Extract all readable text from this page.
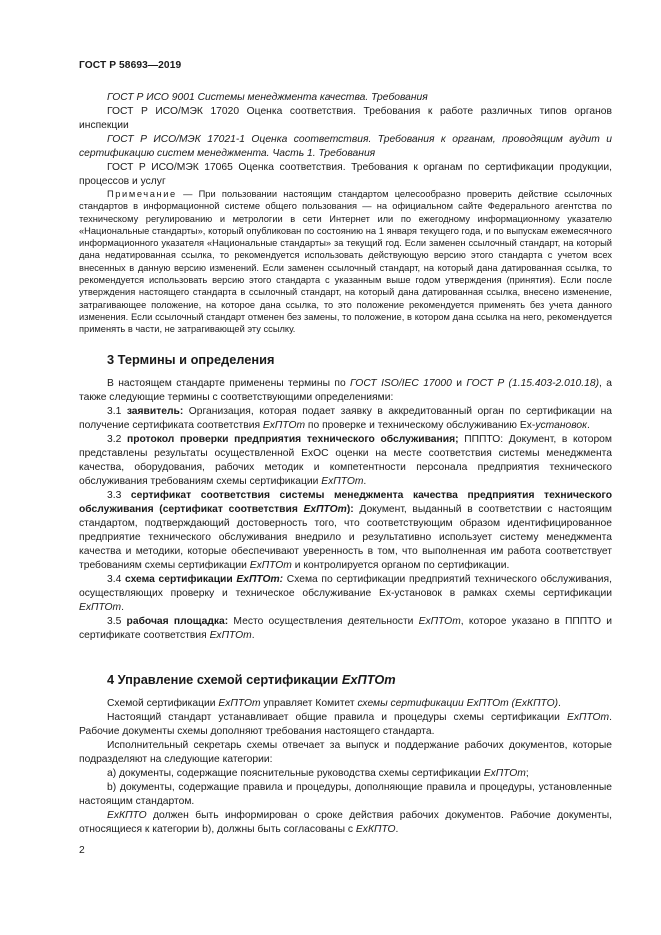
ГОСТ Р 58693—2019

ГОСТ Р ИСО 9001 Системы менеджмента качества. Требования

ГОСТ Р ИСО/МЭК 17020 Оценка соответствия. Требования к работе различных типов органов инспекции

ГОСТ Р ИСО/МЭК 17021-1 Оценка соответствия. Требования к органам, проводящим аудит и сертификацию систем менеджмента. Часть 1. Требования

ГОСТ Р ИСО/МЭК 17065 Оценка соответствия. Требования к органам по сертификации продукции, процессов и услуг

Примечание — При пользовании настоящим стандартом целесообразно проверить действие ссылочных стандартов в информационной системе общего пользования — на официальном сайте Федерального агентства по техническому регулированию и метрологии в сети Интернет или по ежегодному информационному указателю «Национальные стандарты», который опубликован по состоянию на 1 января текущего года, и по выпускам ежемесячного информационного указателя «Национальные стандарты» за текущий год. Если заменен ссылочный стандарт, на который дана недатированная ссылка, то рекомендуется использовать действующую версию этого стандарта с учетом всех внесенных в данную версию изменений. Если заменен ссылочный стандарт, на который дана датированная ссылка, то рекомендуется использовать версию этого стандарта с указанным выше годом утверждения (принятия). Если после утверждения настоящего стандарта в ссылочный стандарт, на который дана датированная ссылка, внесено изменение, затрагивающее положение, на которое дана ссылка, то это положение рекомендуется применять без учета данного изменения. Если ссылочный стандарт отменен без замены, то положение, в котором дана ссылка на него, рекомендуется применять в части, не затрагивающей эту ссылку.

3 Термины и определения

В настоящем стандарте применены термины по ГОСТ ISO/IEC 17000 и ГОСТ Р (1.15.403-2.010.18), а также следующие термины с соответствующими определениями:

3.1 заявитель: Организация, которая подает заявку в аккредитованный орган по сертификации на получение сертификата соответствия ExПТОт по проверке и техническому обслуживанию Ex-установок.

3.2 протокол проверки предприятия технического обслуживания; ПППТО: Документ, в котором представлены результаты осуществленной ExOC оценки на месте соответствия системы менеджмента качества, оборудования, рабочих методик и компетентности персонала предприятия технического обслуживания требованиям схемы сертификации ExПТОт.

3.3 сертификат соответствия системы менеджмента качества предприятия технического обслуживания (сертификат соответствия ExПТОт): Документ, выданный в соответствии с настоящим стандартом, подтверждающий достоверность того, что соответствующим образом идентифицированное предприятие технического обслуживания внедрило и результативно использует систему менеджмента качества и методики, которые обеспечивают уверенность в том, что выполненная им работа соответствует требованиям схемы сертификации ExПТОт и контролируется органом по сертификации.

3.4 схема сертификации ExПТОт: Схема по сертификации предприятий технического обслуживания, осуществляющих проверку и техническое обслуживание Ex-установок в рамках схемы сертификации ExПТОт.

3.5 рабочая площадка: Место осуществления деятельности ExПТОт, которое указано в ПППТО и сертификате соответствия ExПТОт.

4 Управление схемой сертификации ExПТОт

Схемой сертификации ExПТОт управляет Комитет схемы сертификации ExПТОт (ExКПТО).

Настоящий стандарт устанавливает общие правила и процедуры схемы сертификации ExПТОт. Рабочие документы схемы дополняют требования настоящего стандарта.

Исполнительный секретарь схемы отвечает за выпуск и поддержание рабочих документов, которые подразделяют на следующие категории:

а) документы, содержащие пояснительные руководства схемы сертификации ExПТОт;

b) документы, содержащие правила и процедуры, дополняющие правила и процедуры, установленные настоящим стандартом.

ExКПТО должен быть информирован о сроке действия рабочих документов. Рабочие документы, относящиеся к категории b), должны быть согласованы с ExКПТО.

2
